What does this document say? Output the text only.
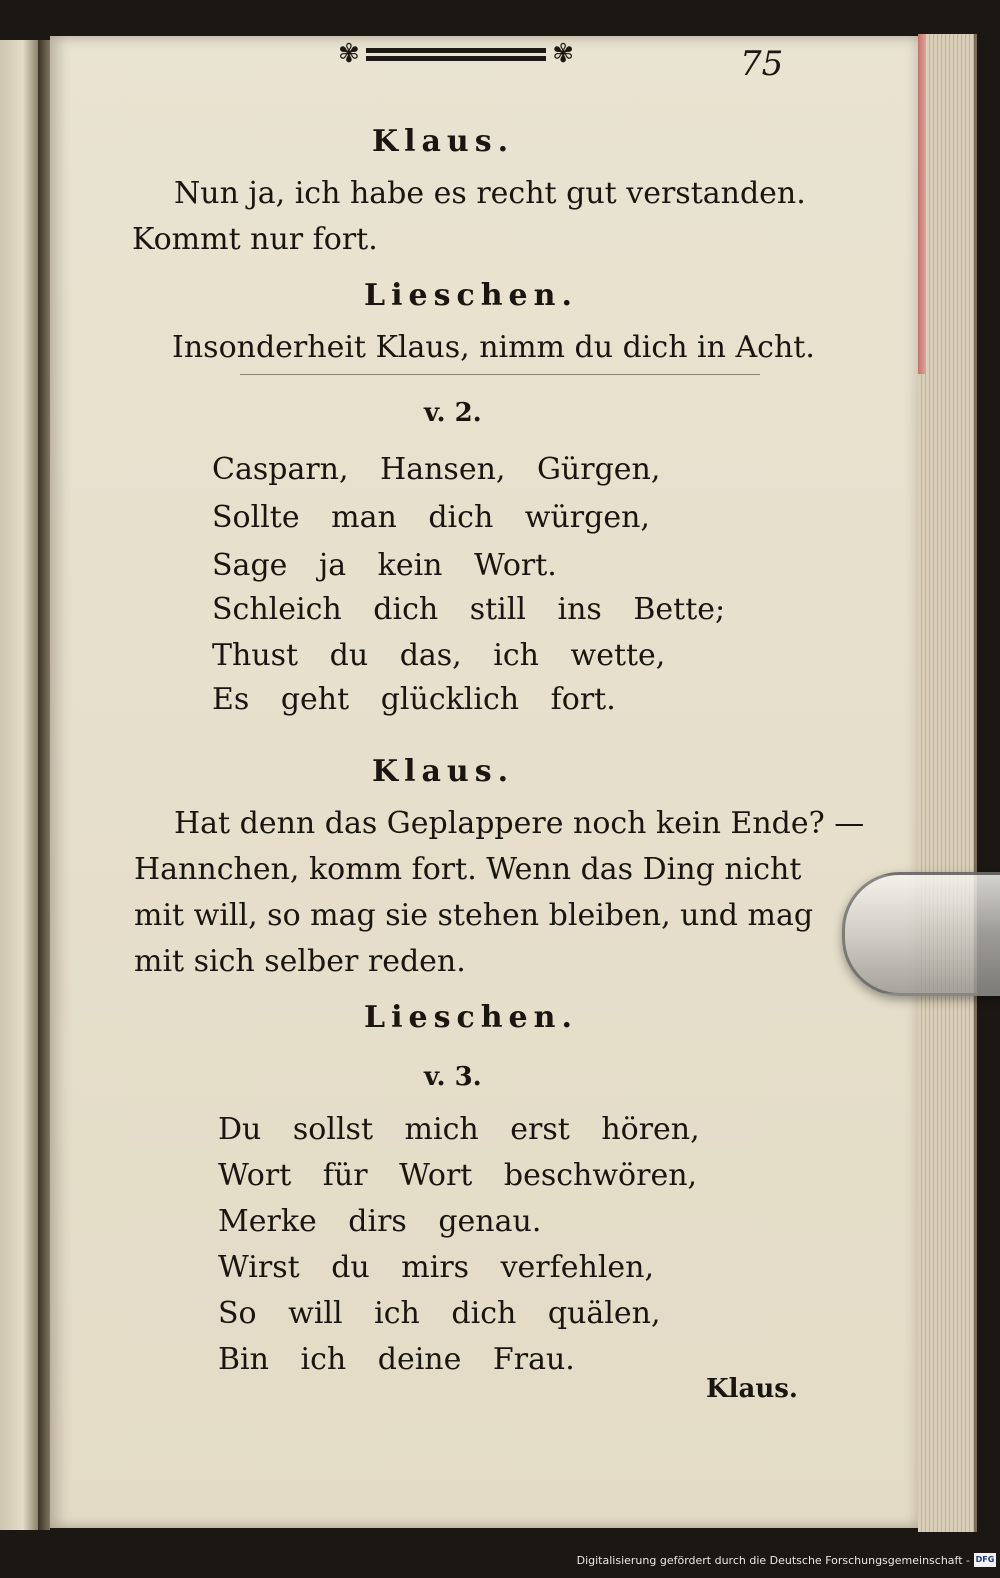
✾	✾	75
Klaus.
Nun ja, ich habe es recht gut verstanden.
Kommt nur fort.
Lieschen.
Insonderheit Klaus, nimm du dich in Acht.
v. 2.
Casparn, Hansen, Gürgen,
Sollte man dich würgen,
Sage ja kein Wort.
Schleich dich still ins Bette;
Thust du das, ich wette,
Es geht glücklich fort.
Klaus.
Hat denn das Geplappere noch kein Ende? —
Hannchen, komm fort. Wenn das Ding nicht
mit will, so mag sie stehen bleiben, und mag
mit sich selber reden.
Lieschen.
v. 3.
Du sollst mich erst hören,
Wort für Wort beschwören,
Merke dirs genau.
Wirst du mirs verfehlen,
So will ich dich quälen,
Bin ich deine Frau.
Klaus.
Digitalisierung gefördert durch die Deutsche Forschungsgemeinschaft - DFG
